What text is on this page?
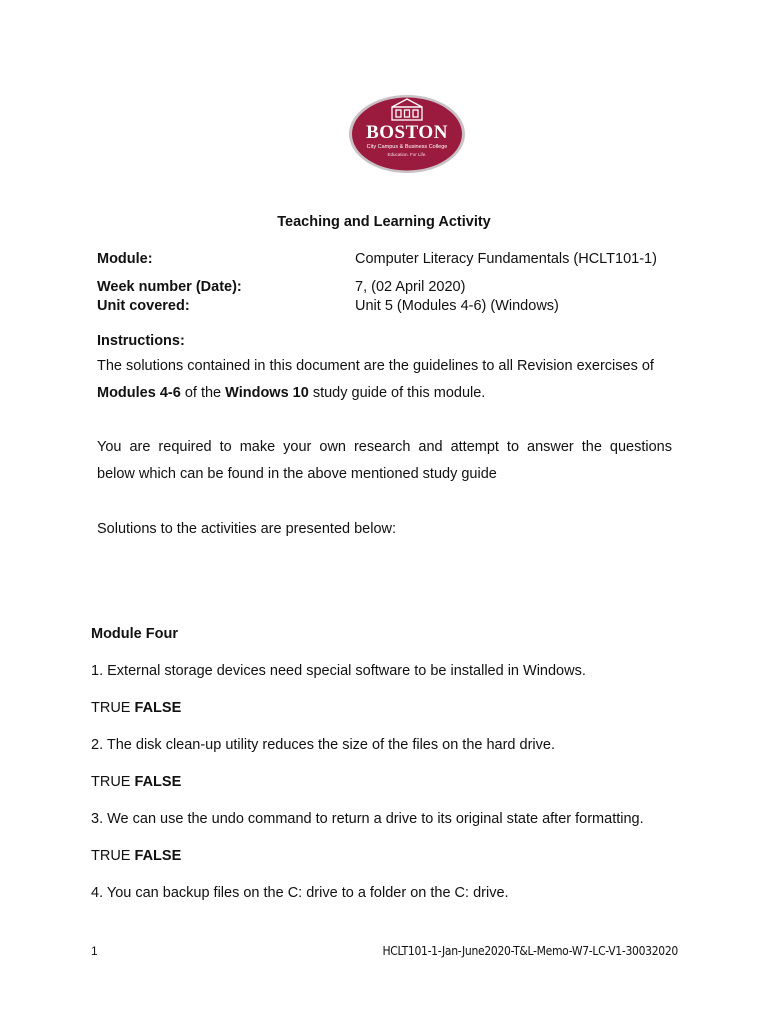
BOSTON
City Campus & Business College
Education. For Life.
Teaching and Learning Activity
Module:	Computer Literacy Fundamentals (HCLT101-1)
Week number (Date):	7, (02 April 2020)
Unit covered:	Unit 5 (Modules 4-6) (Windows)
Instructions:
The solutions contained in this document are the guidelines to all Revision exercises of
Modules 4-6 of the Windows 10 study guide of this module.
You are required to make your own research and attempt to answer the questions
below which can be found in the above mentioned study guide
Solutions to the activities are presented below:
Module Four
1. External storage devices need special software to be installed in Windows.
TRUE FALSE
2. The disk clean-up utility reduces the size of the files on the hard drive.
TRUE FALSE
3. We can use the undo command to return a drive to its original state after formatting.
TRUE FALSE
4. You can backup files on the C: drive to a folder on the C: drive.
1	HCLT101-1-Jan-June2020-T&L-Memo-W7-LC-V1-30032020
